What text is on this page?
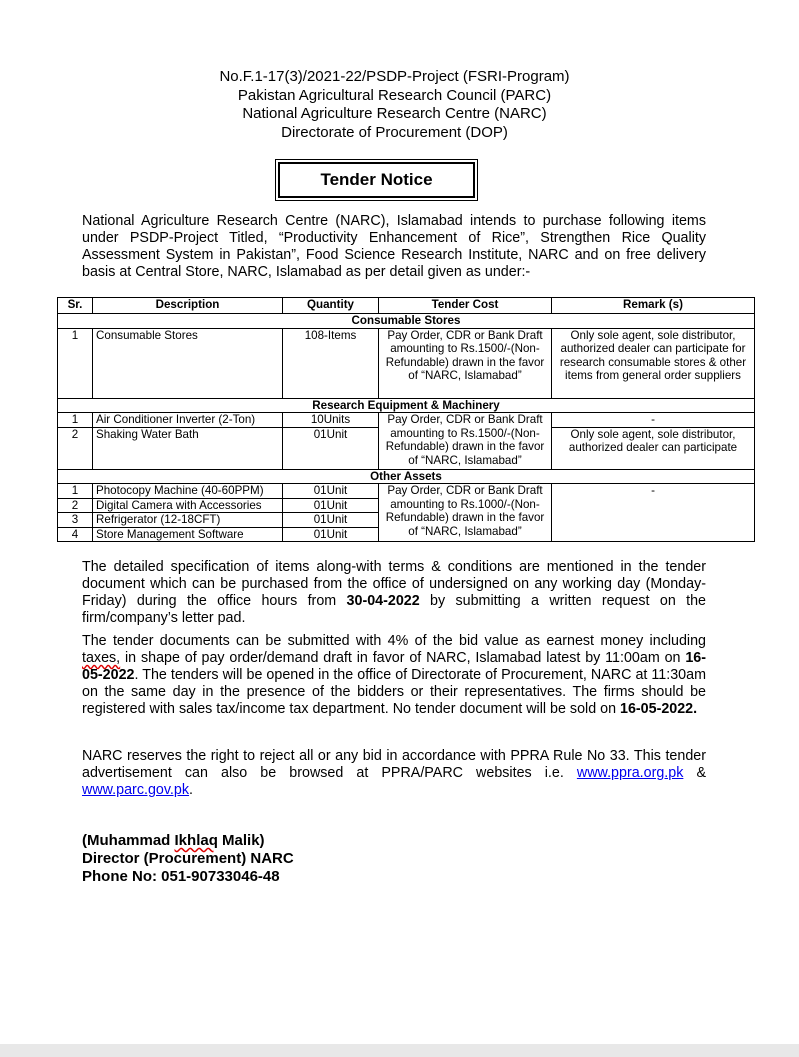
No.F.1-17(3)/2021-22/PSDP-Project (FSRI-Program)
Pakistan Agricultural Research Council (PARC)
National Agriculture Research Centre (NARC)
Directorate of Procurement (DOP)
Tender Notice

National Agriculture Research Centre (NARC), Islamabad intends to purchase following items under PSDP-Project Titled, “Productivity Enhancement of Rice”, Strengthen Rice Quality Assessment System in Pakistan”, Food Science Research Institute, NARC and on free delivery basis at Central Store, NARC, Islamabad as per detail given as under:-

Sr.	Description	Quantity	Tender Cost	Remark (s)
Consumable Stores				
1	Consumable Stores	108-Items	Pay Order, CDR or Bank Draft amounting to Rs.1500/-(Non-Refundable) drawn in the favor of “NARC, Islamabad”	Only sole agent, sole distributor, authorized dealer can participate for research consumable stores & other items from general order suppliers
Research Equipment & Machinery				
1	Air Conditioner Inverter (2-Ton)	10Units	Pay Order, CDR or Bank Draft amounting to Rs.1500/-(Non-Refundable) drawn in the favor of “NARC, Islamabad”	-
2	Shaking Water Bath	01Unit		Only sole agent, sole distributor, authorized dealer can participate
Other Assets				
1	Photocopy Machine (40-60PPM)	01Unit	Pay Order, CDR or Bank Draft amounting to Rs.1000/-(Non-Refundable) drawn in the favor of “NARC, Islamabad”	-
2	Digital Camera with Accessories	01Unit		
3	Refrigerator (12-18CFT)	01Unit		
4	Store Management Software	01Unit		

The detailed specification of items along-with terms & conditions are mentioned in the tender document which can be purchased from the office of undersigned on any working day (Monday-Friday) during the office hours from 30-04-2022 by submitting a written request on the firm/company’s letter pad.

The tender documents can be submitted with 4% of the bid value as earnest money including taxes, in shape of pay order/demand draft in favor of NARC, Islamabad latest by 11:00am on 16-05-2022. The tenders will be opened in the office of Directorate of Procurement, NARC at 11:30am on the same day in the presence of the bidders or their representatives. The firms should be registered with sales tax/income tax department. No tender document will be sold on 16-05-2022.

NARC reserves the right to reject all or any bid in accordance with PPRA Rule No 33. This tender advertisement can also be browsed at PPRA/PARC websites i.e. www.ppra.org.pk & www.parc.gov.pk.

(Muhammad Ikhlaq Malik)
Director (Procurement) NARC
Phone No: 051-90733046-48
